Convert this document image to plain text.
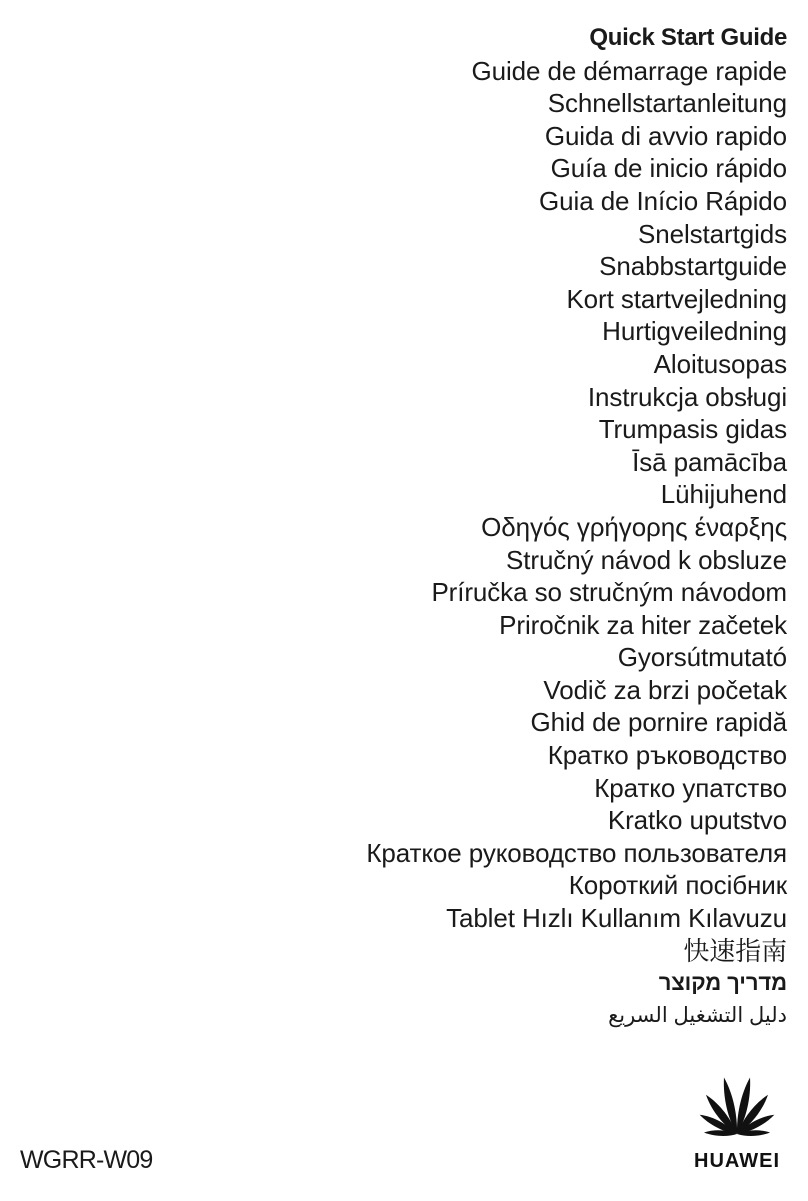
Quick Start Guide
Guide de démarrage rapide
Schnellstartanleitung
Guida di avvio rapido
Guía de inicio rápido
Guia de Início Rápido
Snelstartgids
Snabbstartguide
Kort startvejledning
Hurtigveiledning
Aloitusopas
Instrukcja obsługi
Trumpasis gidas
Īsā pamācība
Lühijuhend
Οδηγός γρήγορης έναρξης
Stručný návod k obsluze
Príručka so stručným návodom
Priročnik za hiter začetek
Gyorsútmutató
Vodič za brzi početak
Ghid de pornire rapidă
Кратко ръководство
Кратко упатство
Kratko uputstvo
Краткое руководство пользователя
Короткий посібник
Tablet Hızlı Kullanım Kılavuzu
快速指南
מדריך מקוצר
دليل التشغيل السريع
WGRR-W09	HUAWEI
